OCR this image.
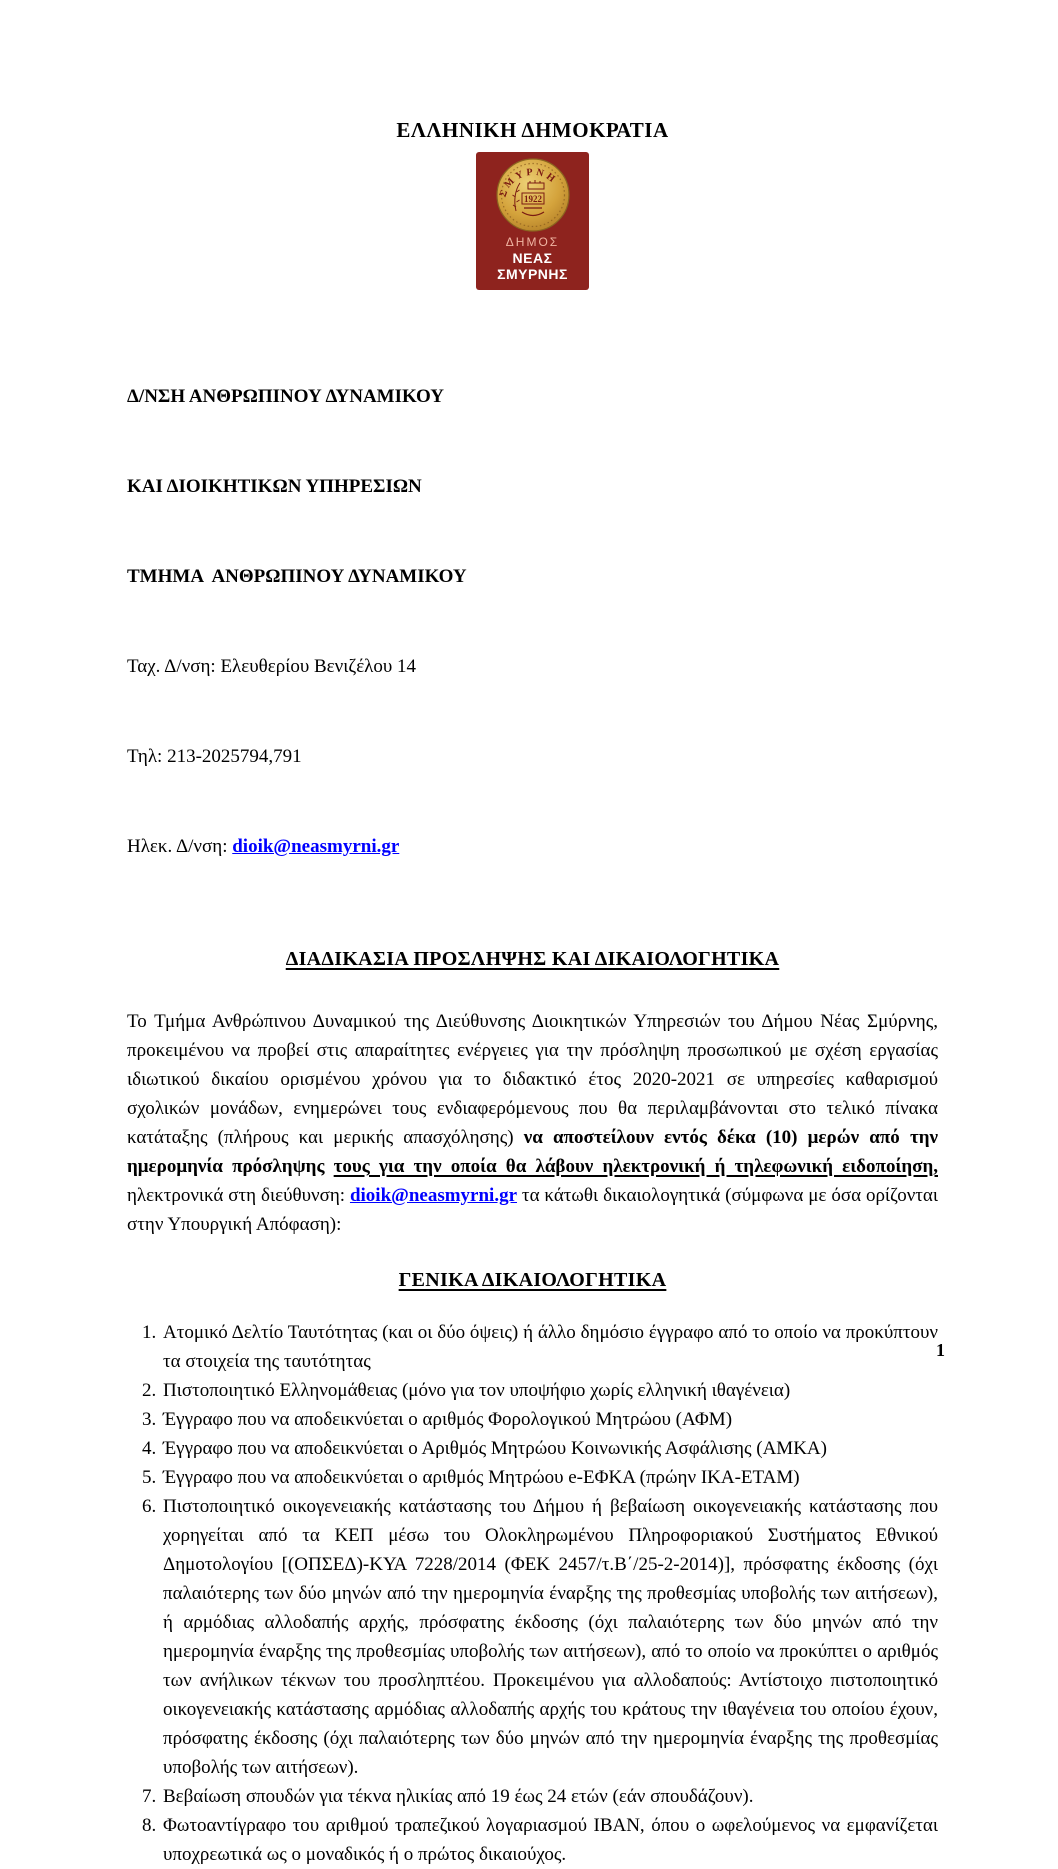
ΕΛΛΗΝΙΚΗ ΔΗΜΟΚΡΑΤΙΑ
ΣΜΥΡΝΗ
1922
ΔΗΜΟΣ
ΝΕΑΣ ΣΜΥΡΝΗΣ

Δ/ΝΣΗ ΑΝΘΡΩΠΙΝΟΥ ΔΥΝΑΜΙΚΟΥ

ΚΑΙ ΔΙΟΙΚΗΤΙΚΩΝ ΥΠΗΡΕΣΙΩΝ

ΤΜΗΜΑ  ΑΝΘΡΩΠΙΝΟΥ ΔΥΝΑΜΙΚΟΥ

Ταχ. Δ/νση: Ελευθερίου Βενιζέλου 14

Τηλ: 213-2025794,791

Ηλεκ. Δ/νση: dioik@neasmyrni.gr

ΔΙΑΔΙΚΑΣΙΑ ΠΡΟΣΛΗΨΗΣ ΚΑΙ ΔΙΚΑΙΟΛΟΓΗΤΙΚΑ

Το Τμήμα Ανθρώπινου Δυναμικού της Διεύθυνσης Διοικητικών Υπηρεσιών του Δήμου Νέας Σμύρνης, προκειμένου να προβεί στις απαραίτητες ενέργειες για την πρόσληψη προσωπικού με σχέση εργασίας ιδιωτικού δικαίου ορισμένου χρόνου για το διδακτικό έτος 2020-2021 σε υπηρεσίες καθαρισμού σχολικών μονάδων, ενημερώνει τους ενδιαφερόμενους που θα περιλαμβάνονται στο τελικό πίνακα κατάταξης (πλήρους και μερικής απασχόλησης) να αποστείλουν εντός δέκα (10) μερών από την ημερομηνία πρόσληψης τους για την οποία θα λάβουν ηλεκτρονική ή τηλεφωνική ειδοποίηση, ηλεκτρονικά στη διεύθυνση: dioik@neasmyrni.gr τα κάτωθι δικαιολογητικά (σύμφωνα με όσα ορίζονται στην Υπουργική Απόφαση):

ΓΕΝΙΚΑ ΔΙΚΑΙΟΛΟΓΗΤΙΚΑ
1. Ατομικό Δελτίο Ταυτότητας (και οι δύο όψεις) ή άλλο δημόσιο έγγραφο από το οποίο να προκύπτουν τα στοιχεία της ταυτότητας
2. Πιστοποιητικό Ελληνομάθειας (μόνο για τον υποψήφιο χωρίς ελληνική ιθαγένεια)
3. Έγγραφο που να αποδεικνύεται ο αριθμός Φορολογικού Μητρώου (ΑΦΜ)
4. Έγγραφο που να αποδεικνύεται ο Αριθμός Μητρώου Κοινωνικής Ασφάλισης (ΑΜΚΑ)
5. Έγγραφο που να αποδεικνύεται ο αριθμός Μητρώου e-ΕΦΚΑ (πρώην ΙΚΑ-ΕΤΑΜ)
6. Πιστοποιητικό οικογενειακής κατάστασης του Δήμου ή βεβαίωση οικογενειακής κατάστασης που χορηγείται από τα ΚΕΠ μέσω του Ολοκληρωμένου Πληροφοριακού Συστήματος Εθνικού Δημοτολογίου [(ΟΠΣΕΔ)-ΚΥΑ 7228/2014 (ΦΕΚ 2457/τ.Β΄/25-2-2014)], πρόσφατης έκδοσης (όχι παλαιότερης των δύο μηνών από την ημερομηνία έναρξης της προθεσμίας υποβολής των αιτήσεων), ή αρμόδιας αλλοδαπής αρχής, πρόσφατης έκδοσης (όχι παλαιότερης των δύο μηνών από την ημερομηνία έναρξης της προθεσμίας υποβολής των αιτήσεων), από το οποίο να προκύπτει ο αριθμός των ανήλικων τέκνων του προσληπτέου. Προκειμένου για αλλοδαπούς: Αντίστοιχο πιστοποιητικό οικογενειακής κατάστασης αρμόδιας αλλοδαπής αρχής του κράτους την ιθαγένεια του οποίου έχουν, πρόσφατης έκδοσης (όχι παλαιότερης των δύο μηνών από την ημερομηνία έναρξης της προθεσμίας υποβολής των αιτήσεων).
7. Βεβαίωση σπουδών για τέκνα ηλικίας από 19 έως 24 ετών (εάν σπουδάζουν).
8. Φωτοαντίγραφο του αριθμού τραπεζικού λογαριασμού ΙΒΑΝ, όπου ο ωφελούμενος να εμφανίζεται υποχρεωτικά ως ο μοναδικός ή ο πρώτος δικαιούχος.
1
